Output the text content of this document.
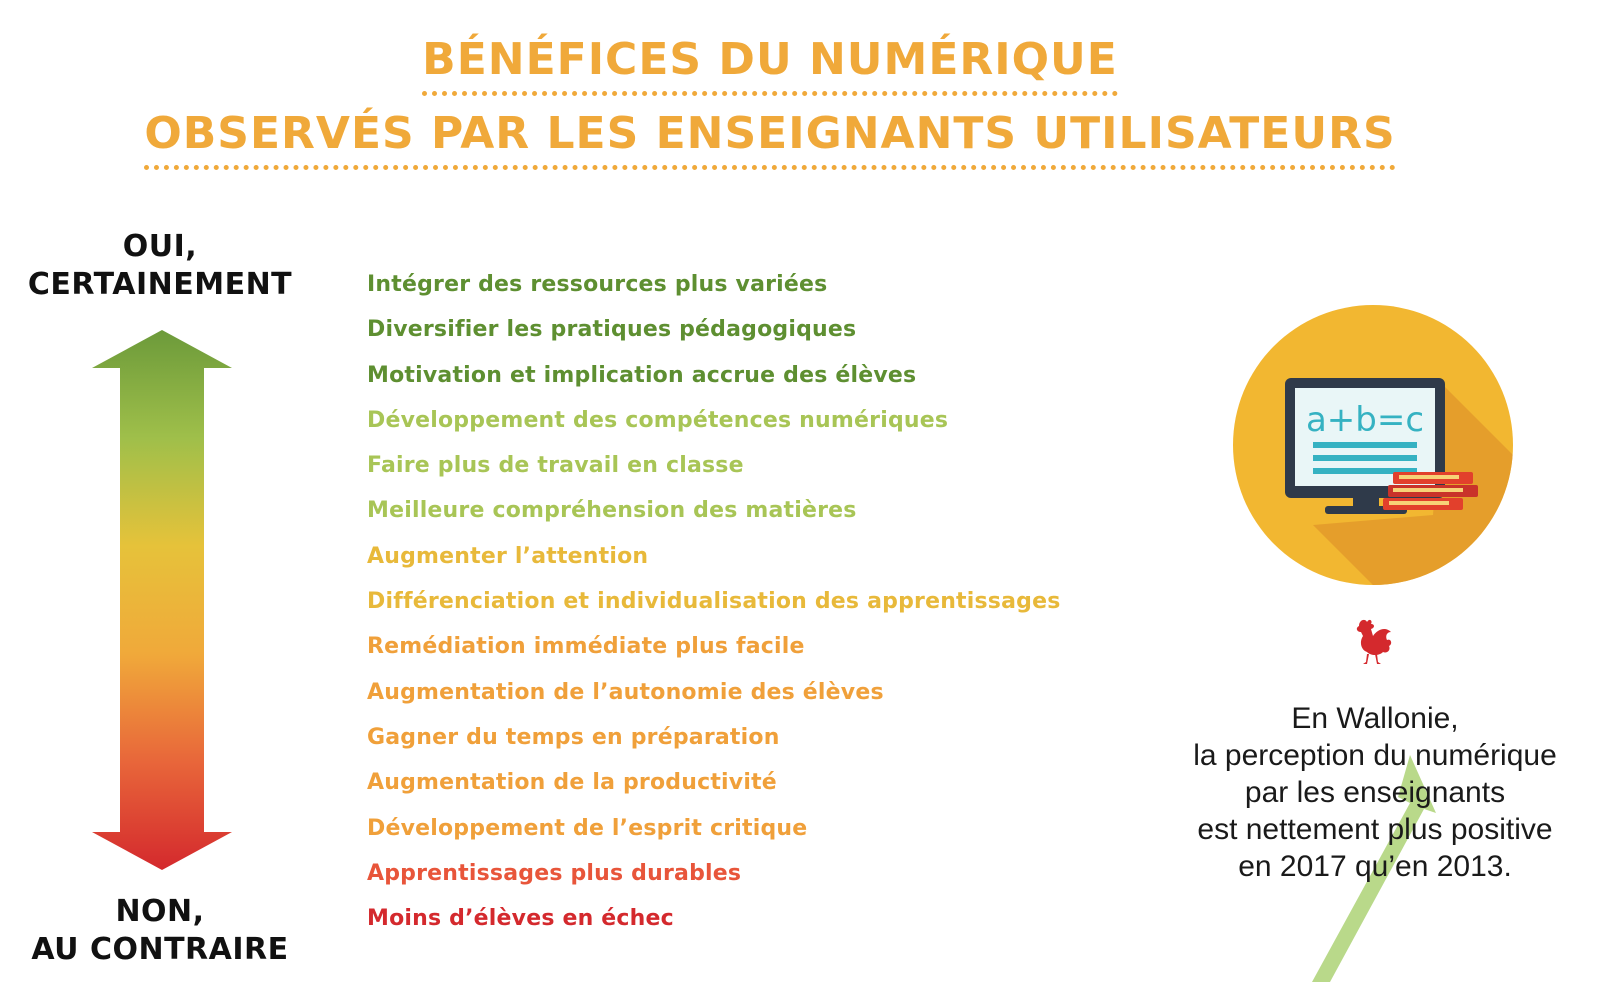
BÉNÉFICES DU NUMÉRIQUE
OBSERVÉS PAR LES ENSEIGNANTS UTILISATEURS
OUI,
CERTAINEMENT
NON,
AU CONTRAIRE
Intégrer des ressources plus variées
Diversifier les pratiques pédagogiques
Motivation et implication accrue des élèves
Développement des compétences numériques
Faire plus de travail en classe
Meilleure compréhension des matières
Augmenter l’attention
Différenciation et individualisation des apprentissages
Remédiation immédiate plus facile
Augmentation de l’autonomie des élèves
Gagner du temps en préparation
Augmentation de la productivité
Développement de l’esprit critique
Apprentissages plus durables
Moins d’élèves en échec
a+b=c
En Wallonie,
la perception du numérique
par les enseignants
est nettement plus positive
en 2017 qu’en 2013.
